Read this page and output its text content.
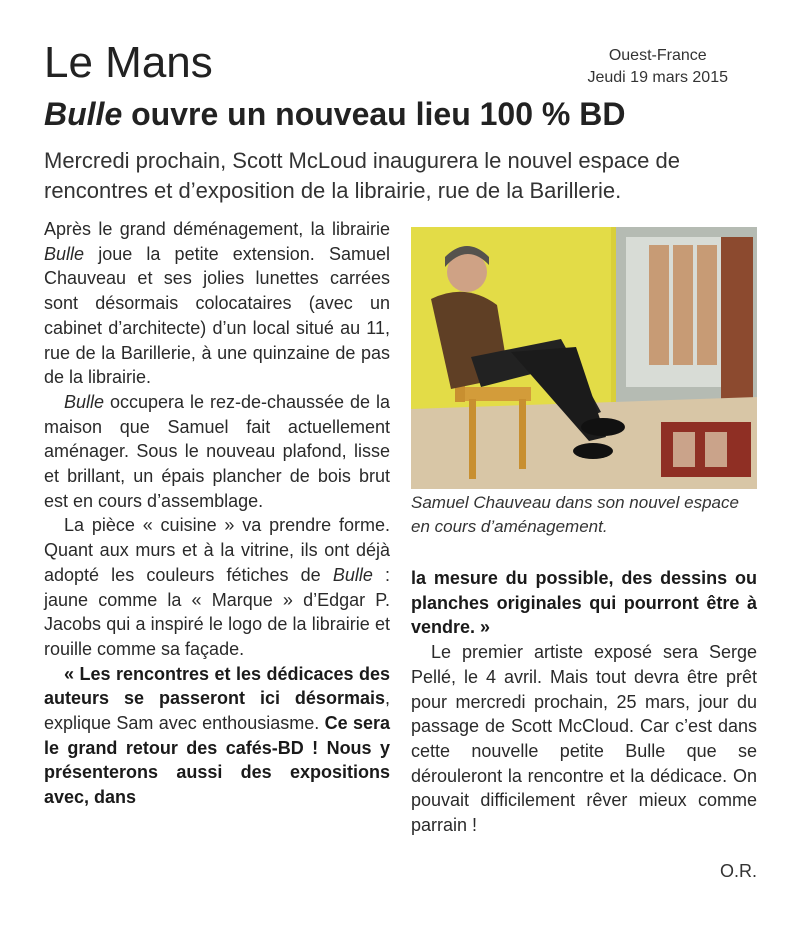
Le Mans	Ouest-France
Jeudi 19 mars 2015
Bulle ouvre un nouveau lieu 100 % BD
Mercredi prochain, Scott McLoud inaugurera le nouvel espace de rencontres et d’exposition de la librairie, rue de la Barillerie.

Après le grand déménagement, la librairie Bulle joue la petite extension. Samuel Chauveau et ses jolies lunettes carrées sont désormais colocataires (avec un cabinet d’architecte) d’un local situé au 11, rue de la Barillerie, à une quinzaine de pas de la librairie.

Bulle occupera le rez-de-chaussée de la maison que Samuel fait actuellement aménager. Sous le nouveau plafond, lisse et brillant, un épais plancher de bois brut est en cours d’assemblage.

La pièce « cuisine » va prendre forme. Quant aux murs et à la vitrine, ils ont déjà adopté les couleurs fétiches de Bulle : jaune comme la « Marque » d’Edgar P. Jacobs qui a inspiré le logo de la librairie et rouille comme sa façade.

« Les rencontres et les dédicaces des auteurs se passeront ici désormais, explique Sam avec enthousiasme. Ce sera le grand retour des cafés-BD ! Nous y présenterons aussi des expositions avec, dans

Samuel Chauveau dans son nouvel espace en cours d’aménagement.

la mesure du possible, des dessins ou planches originales qui pourront être à vendre. »

Le premier artiste exposé sera Serge Pellé, le 4 avril. Mais tout devra être prêt pour mercredi prochain, 25 mars, jour du passage de Scott McCloud. Car c’est dans cette nouvelle petite Bulle que se dérouleront la rencontre et la dédicace. On pouvait difficilement rêver mieux comme parrain !

O.R.
